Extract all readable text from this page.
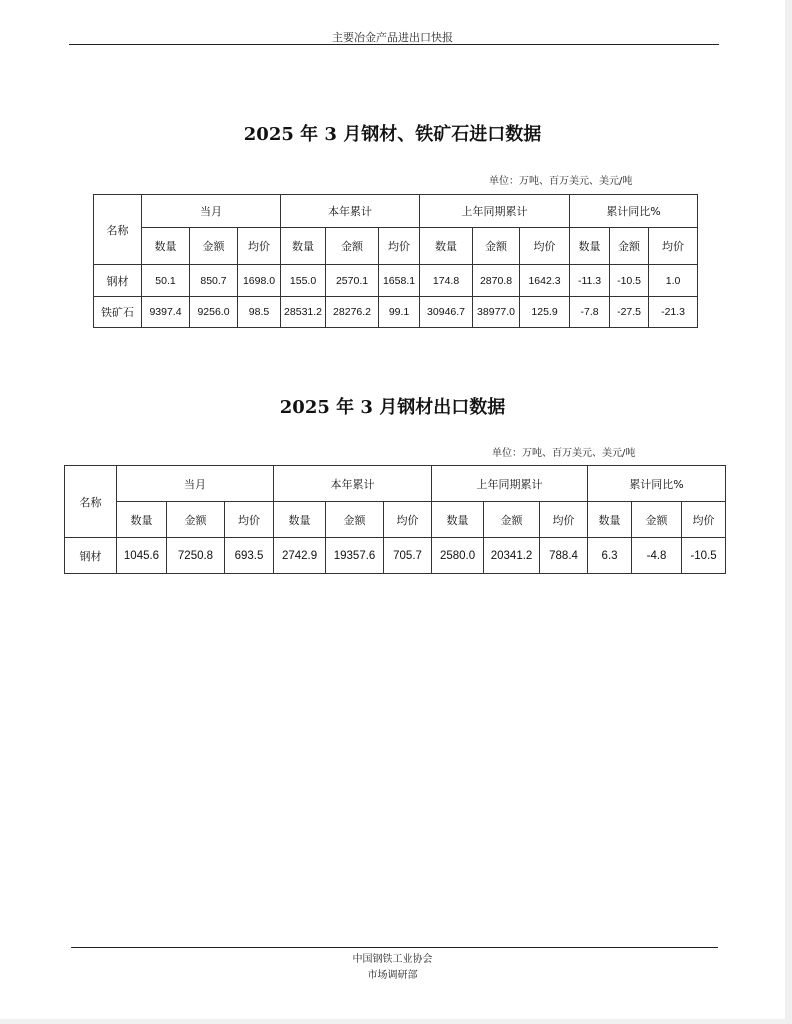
主要冶金产品进出口快报
2025 年 3 月钢材、铁矿石进口数据
单位：万吨、百万美元、美元/吨
名称	当月			本年累计			上年同期累计			累计同比%		
	数量	金额	均价	数量	金额	均价	数量	金额	均价	数量	金额	均价
钢材	50.1	850.7	1698.0	155.0	2570.1	1658.1	174.8	2870.8	1642.3	-11.3	-10.5	1.0
铁矿石	9397.4	9256.0	98.5	28531.2	28276.2	99.1	30946.7	38977.0	125.9	-7.8	-27.5	-21.3
2025 年 3 月钢材出口数据
单位：万吨、百万美元、美元/吨
名称	当月			本年累计			上年同期累计			累计同比%		
	数量	金额	均价	数量	金额	均价	数量	金额	均价	数量	金额	均价
钢材	1045.6	7250.8	693.5	2742.9	19357.6	705.7	2580.0	20341.2	788.4	6.3	-4.8	-10.5
中国钢铁工业协会
市场调研部
